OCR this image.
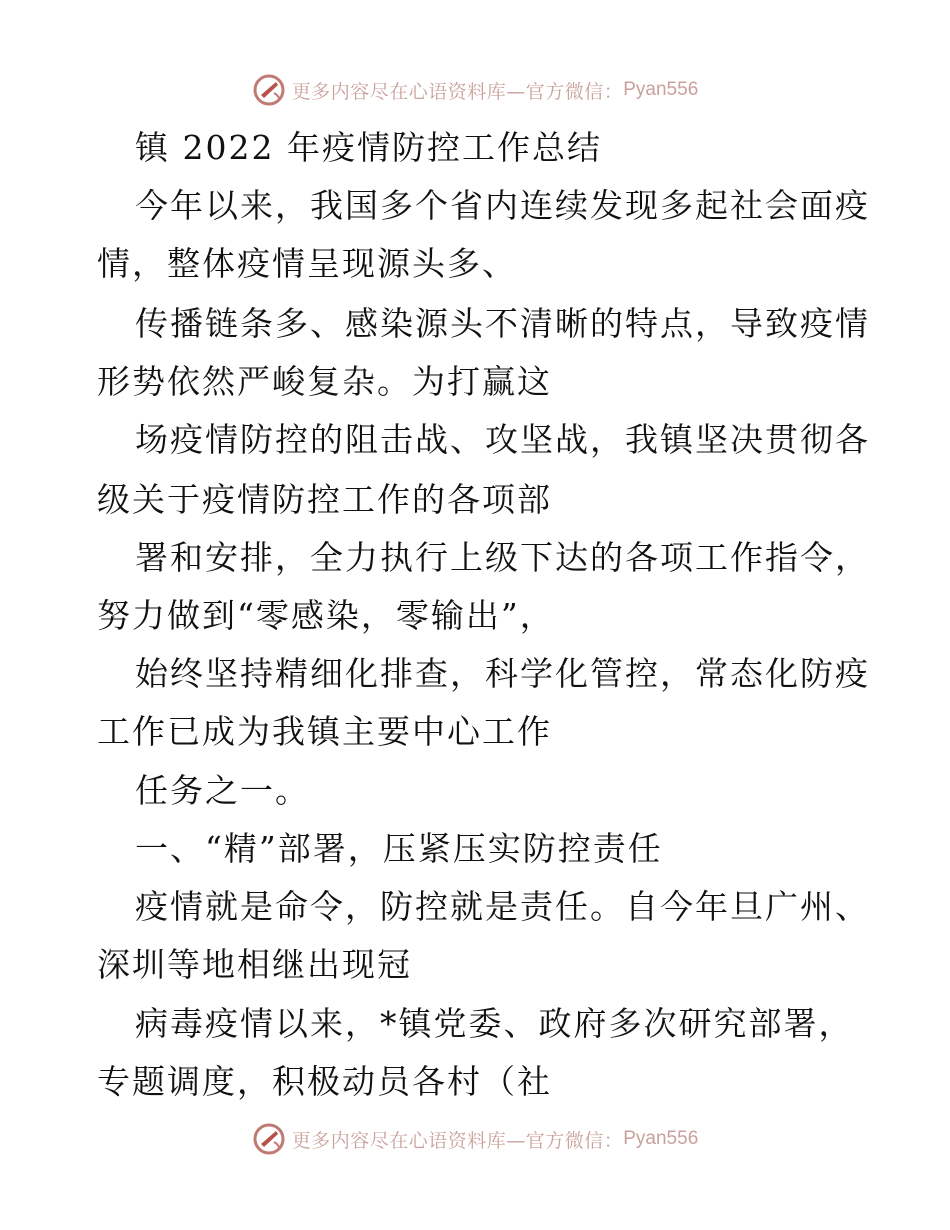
更多内容尽在心语资料库—官方微信： Pyan556
镇 2022 年疫情防控工作总结
今年以来，我国多个省内连续发现多起社会面疫
情，整体疫情呈现源头多、
传播链条多、感染源头不清晰的特点，导致疫情
形势依然严峻复杂。为打赢这
场疫情防控的阻击战、攻坚战，我镇坚决贯彻各
级关于疫情防控工作的各项部
署和安排，全力执行上级下达的各项工作指令，
努力做到“零感染，零输出”，
始终坚持精细化排查，科学化管控，常态化防疫
工作已成为我镇主要中心工作
任务之一。
一、“精”部署，压紧压实防控责任
疫情就是命令，防控就是责任。自今年旦广州、
深圳等地相继出现冠
病毒疫情以来，*镇党委、政府多次研究部署，
专题调度，积极动员各村（社
更多内容尽在心语资料库—官方微信： Pyan556
